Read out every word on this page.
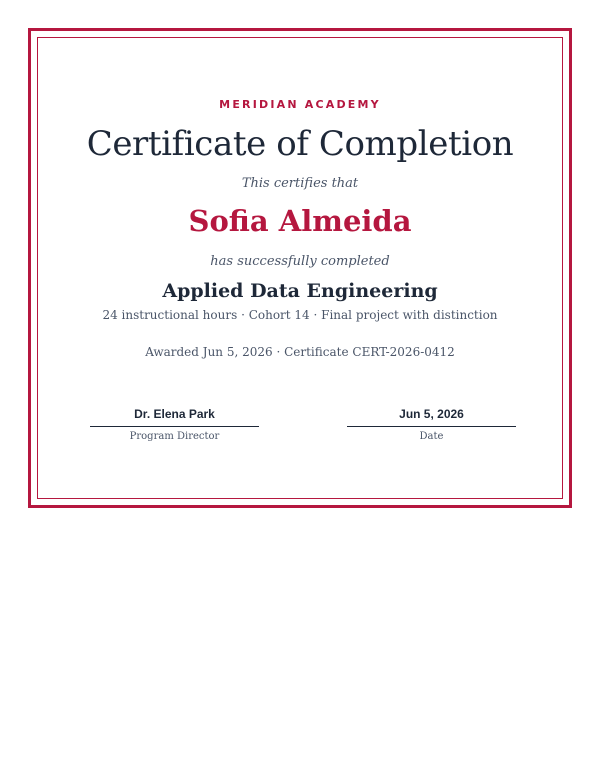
MERIDIAN ACADEMY
Certificate of Completion
This certifies that
Sofia Almeida
has successfully completed
Applied Data Engineering
24 instructional hours · Cohort 14 · Final project with distinction
Awarded Jun 5, 2026 · Certificate CERT-2026-0412
Dr. Elena Park
Program Director
Jun 5, 2026
Date
